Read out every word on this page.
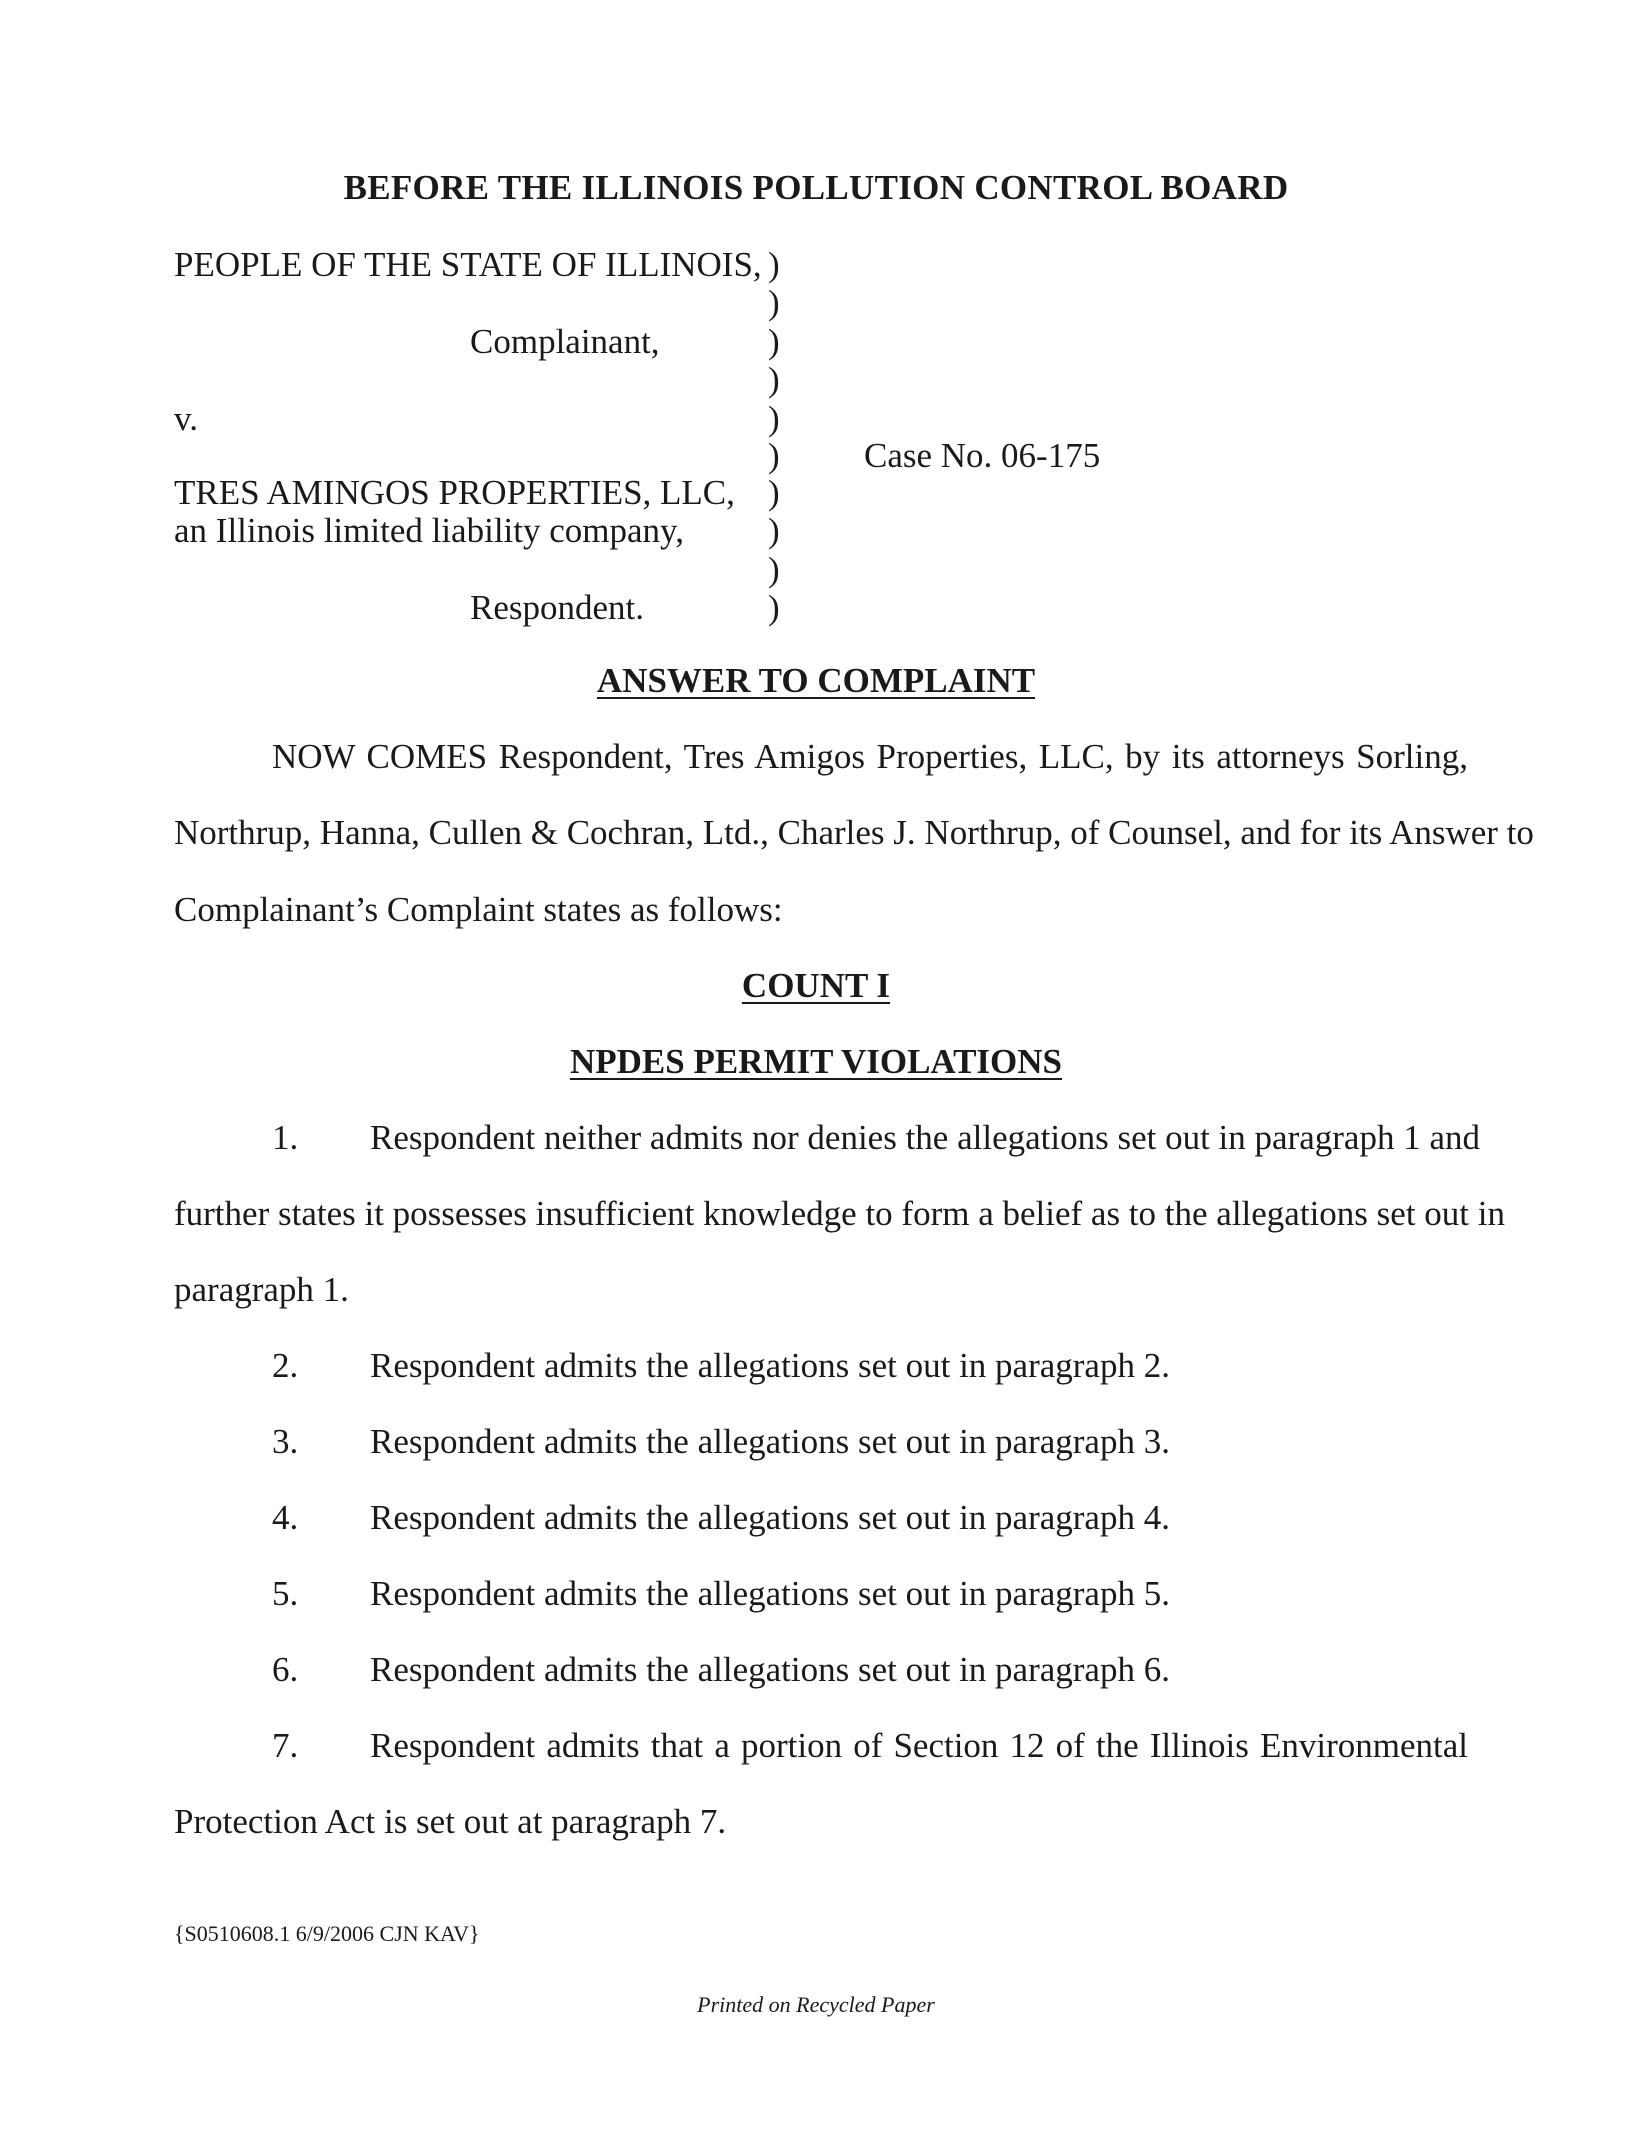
BEFORE THE ILLINOIS POLLUTION CONTROL BOARD
PEOPLE OF THE STATE OF ILLINOIS,
Complainant,
v.
TRES AMINGOS PROPERTIES, LLC,
an Illinois limited liability company,
Respondent.
)
)
)
)
)
)
)
)
)
)
Case No. 06-175
ANSWER TO COMPLAINT
NOW COMES Respondent, Tres Amigos Properties, LLC, by its attorneys Sorling,
Northrup, Hanna, Cullen & Cochran, Ltd., Charles J. Northrup, of Counsel, and for its Answer to
Complainant’s Complaint states as follows:
COUNT I
NPDES PERMIT VIOLATIONS
1. Respondent neither admits nor denies the allegations set out in paragraph 1 and
further states it possesses insufficient knowledge to form a belief as to the allegations set out in
paragraph 1.
2. Respondent admits the allegations set out in paragraph 2.
3. Respondent admits the allegations set out in paragraph 3.
4. Respondent admits the allegations set out in paragraph 4.
5. Respondent admits the allegations set out in paragraph 5.
6. Respondent admits the allegations set out in paragraph 6.
7. Respondent admits that a portion of Section 12 of the Illinois Environmental
Protection Act is set out at paragraph 7.
{S0510608.1 6/9/2006 CJN KAV}
Printed on Recycled Paper
